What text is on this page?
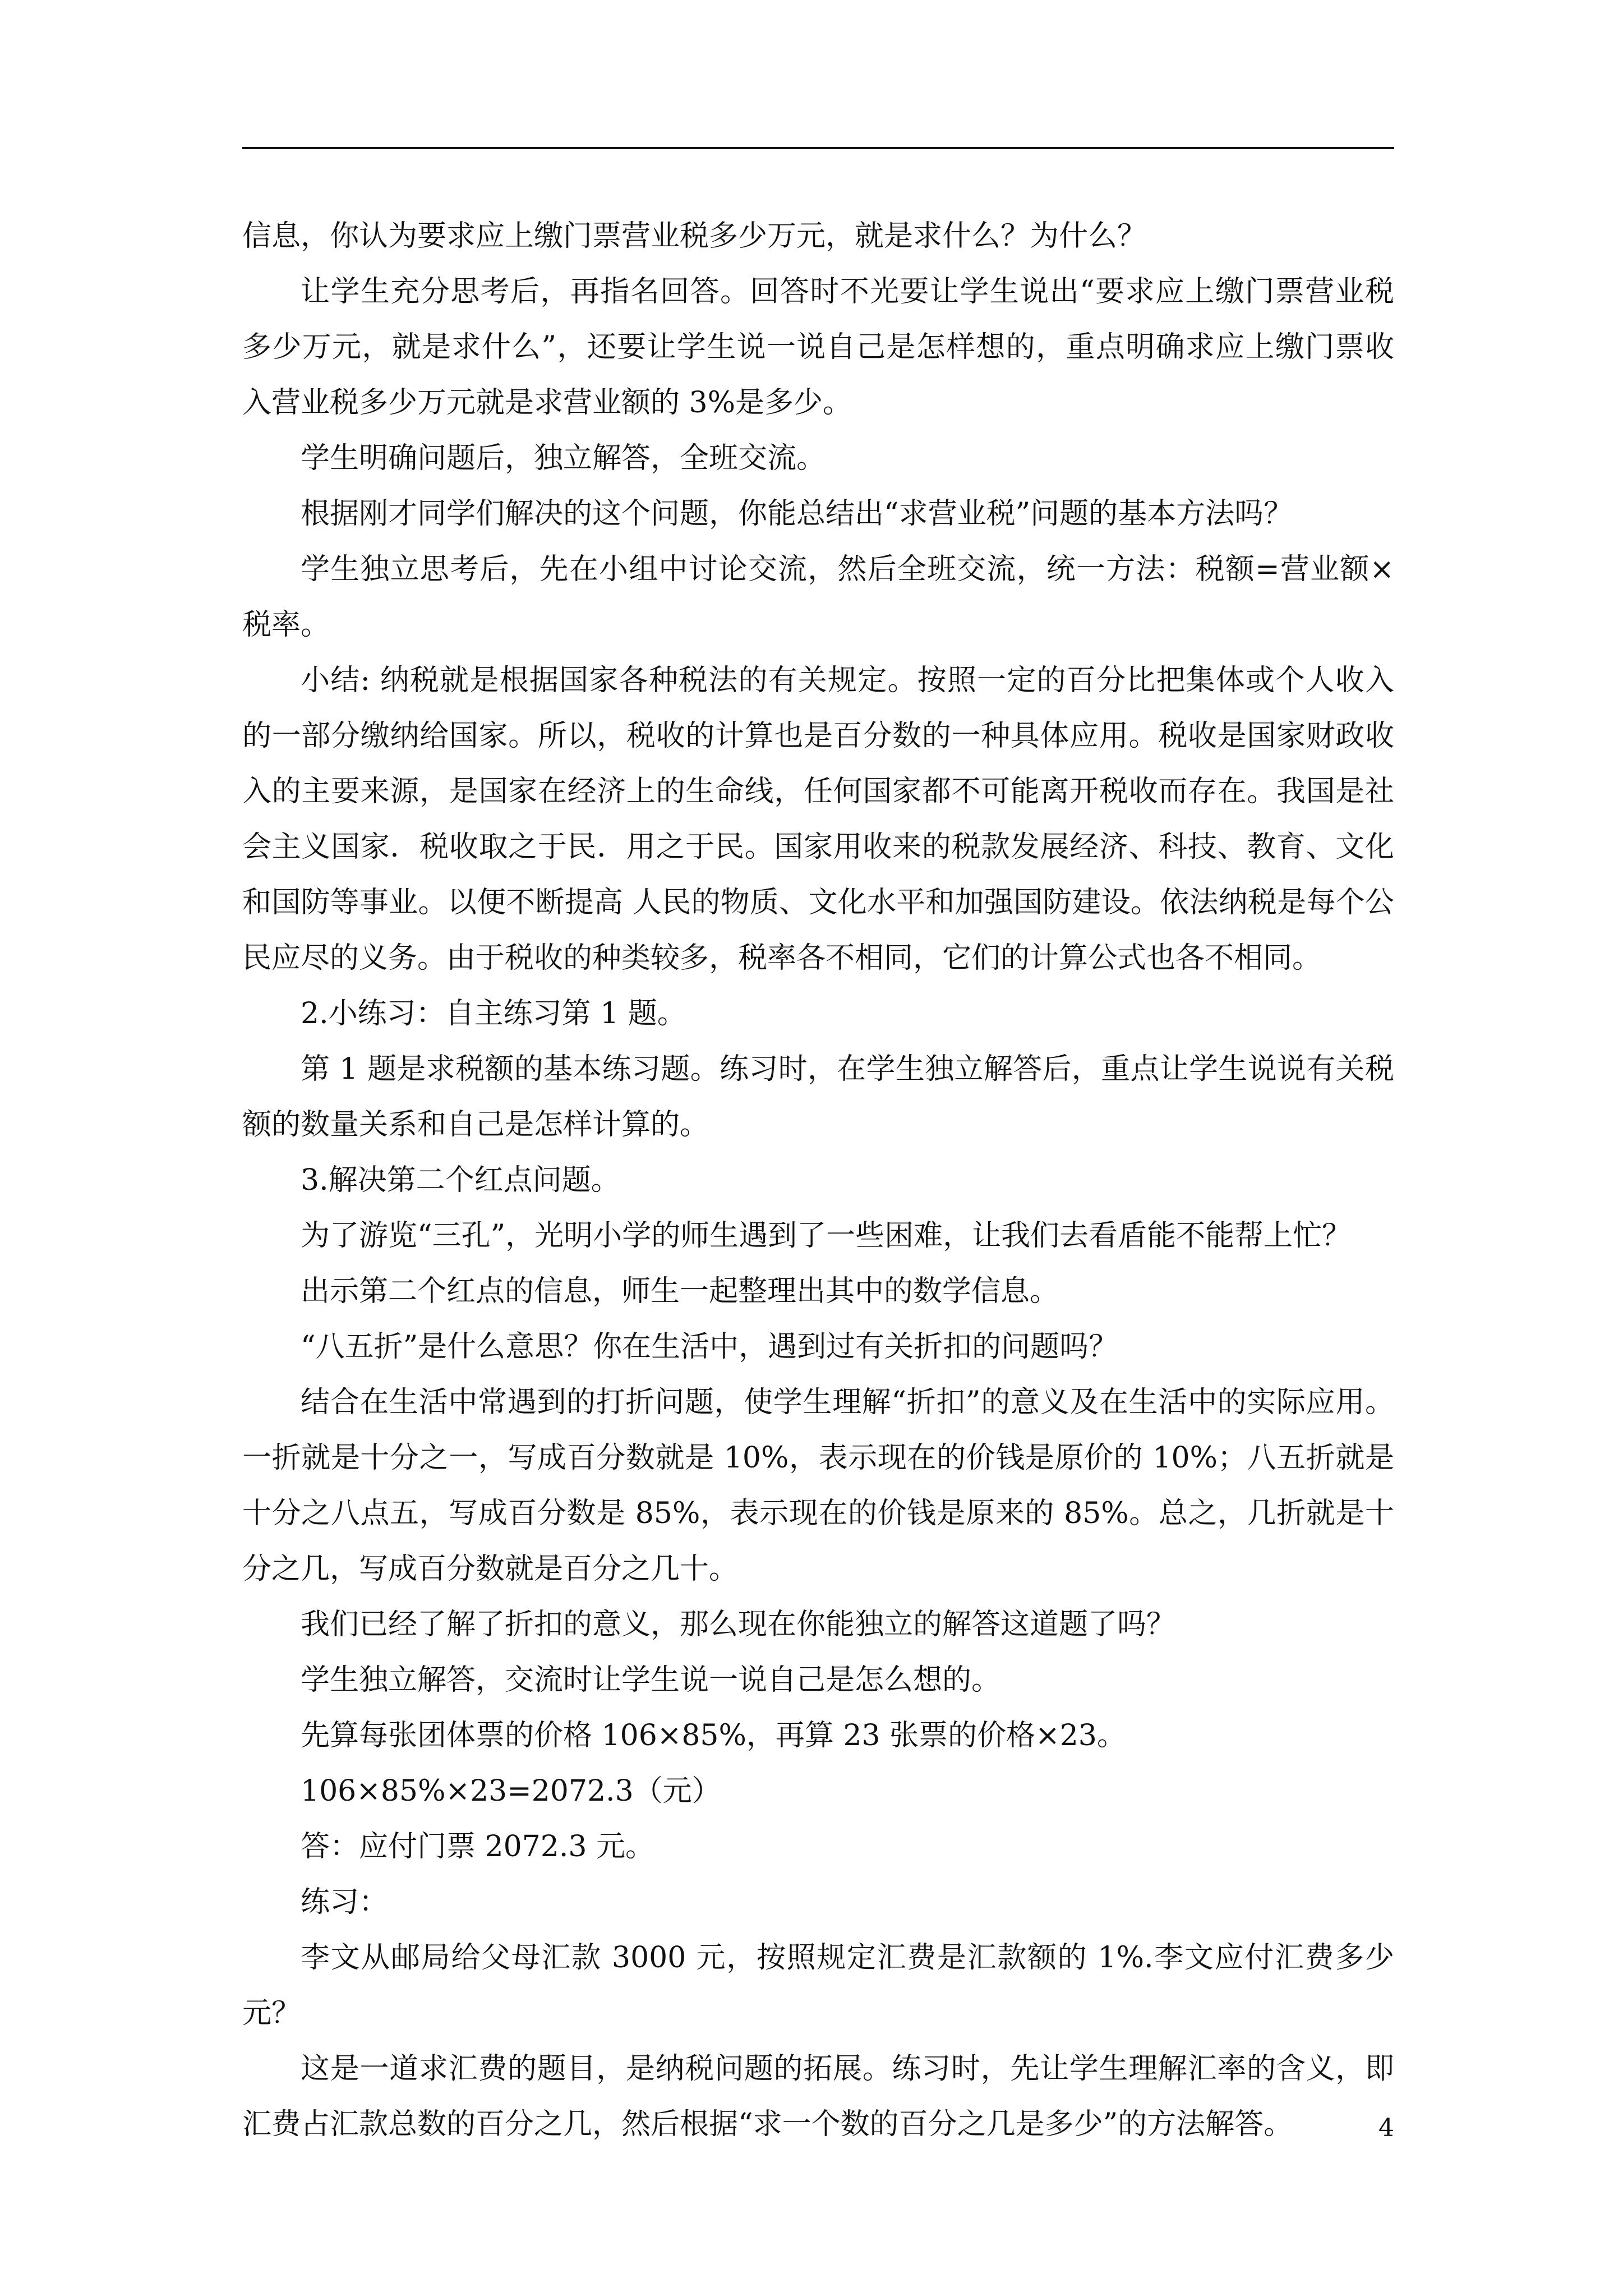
信息，你认为要求应上缴门票营业税多少万元，就是求什么？为什么？

让学生充分思考后，再指名回答。回答时不光要让学生说出“要求应上缴门票营业税多少万元，就是求什么”，还要让学生说一说自己是怎样想的，重点明确求应上缴门票收入营业税多少万元就是求营业额的 3%是多少。

学生明确问题后，独立解答，全班交流。

根据刚才同学们解决的这个问题，你能总结出“求营业税”问题的基本方法吗？

学生独立思考后，先在小组中讨论交流，然后全班交流，统一方法：税额=营业额×税率。

小结: 纳税就是根据国家各种税法的有关规定。按照一定的百分比把集体或个人收入的一部分缴纳给国家。所以，税收的计算也是百分数的一种具体应用。税收是国家财政收入的主要来源，是国家在经济上的生命线，任何国家都不可能离开税收而存在。我国是社会主义国家．税收取之于民．用之于民。国家用收来的税款发展经济、科技、教育、文化和国防等事业。以便不断提高 人民的物质、文化水平和加强国防建设。依法纳税是每个公民应尽的义务。由于税收的种类较多，税率各不相同，它们的计算公式也各不相同。

2.小练习：自主练习第 1 题。

第 1 题是求税额的基本练习题。练习时，在学生独立解答后，重点让学生说说有关税额的数量关系和自己是怎样计算的。

3.解决第二个红点问题。

为了游览“三孔”，光明小学的师生遇到了一些困难，让我们去看盾能不能帮上忙？

出示第二个红点的信息，师生一起整理出其中的数学信息。

“八五折”是什么意思？你在生活中，遇到过有关折扣的问题吗？

结合在生活中常遇到的打折问题，使学生理解“折扣”的意义及在生活中的实际应用。一折就是十分之一，写成百分数就是 10%，表示现在的价钱是原价的 10%；八五折就是十分之八点五，写成百分数是 85%，表示现在的价钱是原来的 85%。总之，几折就是十分之几，写成百分数就是百分之几十。

我们已经了解了折扣的意义，那么现在你能独立的解答这道题了吗？

学生独立解答，交流时让学生说一说自己是怎么想的。

先算每张团体票的价格 106×85%，再算 23 张票的价格×23。

106×85%×23=2072.3（元）

答：应付门票 2072.3 元。

练习：

李文从邮局给父母汇款 3000 元，按照规定汇费是汇款额的 1%.李文应付汇费多少元？

这是一道求汇费的题目，是纳税问题的拓展。练习时，先让学生理解汇率的含义，即汇费占汇款总数的百分之几，然后根据“求一个数的百分之几是多少”的方法解答。	4
